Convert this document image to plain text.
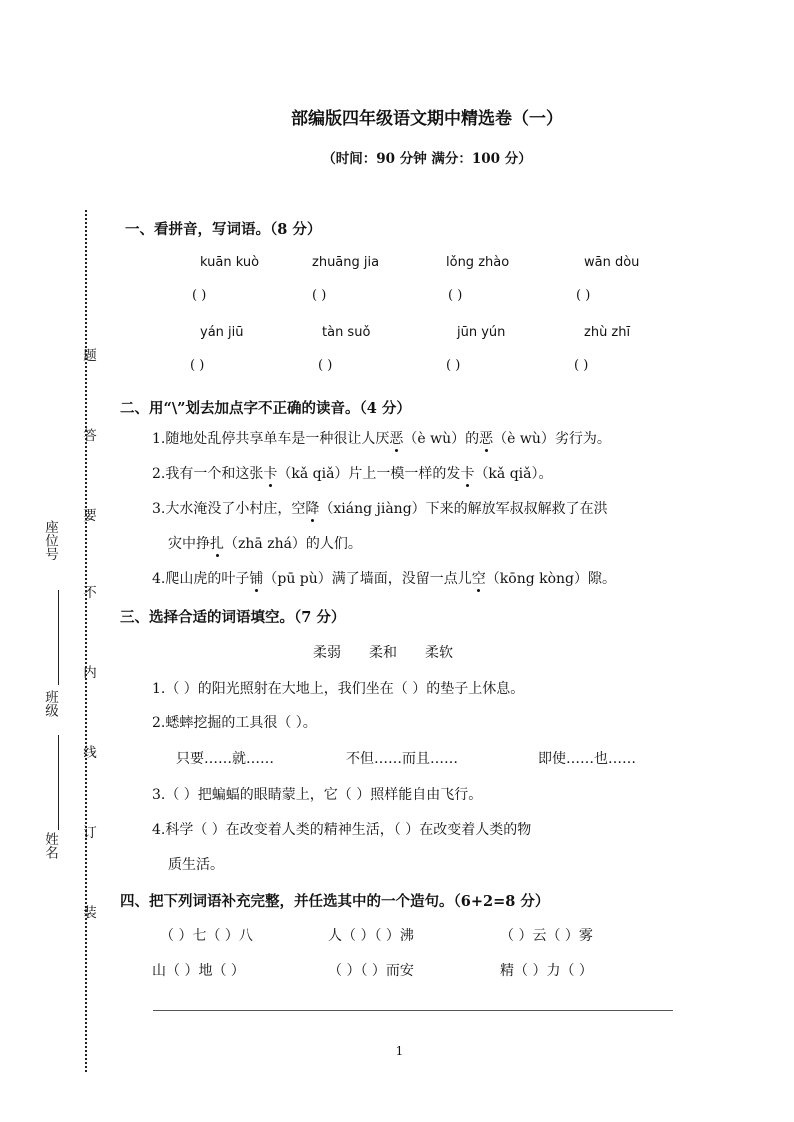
部编版四年级语文期中精选卷（一）
（时间：90 分钟 满分：100 分）
装
订
线
内
不
要
答
题
姓名
班级
座位号
一、看拼音，写词语。（8 分）
kuān kuò	zhuāng jia	lǒng zhào	wān dòu
( )	( )	( )	( )
yán jiū	tàn suǒ	jūn yún	zhù zhī
( )	( )	( )	( )
二、用“\”划去加点字不正确的读音。（4 分）
1.随地处乱停共享单车是一种很让人厌恶（è wù）的恶（è wù）劣行为。
2.我有一个和这张卡（kǎ qiǎ）片上一模一样的发卡（kǎ qiǎ）。
3.大水淹没了小村庄，空降（xiáng jiàng）下来的解放军叔叔解救了在洪
灾中挣扎（zhā zhá）的人们。
4.爬山虎的叶子铺（pū pù）满了墙面，没留一点儿空（kōng kòng）隙。
三、选择合适的词语填空。（7 分）
柔弱 柔和 柔软
1.（ ）的阳光照射在大地上，我们坐在（ ）的垫子上休息。
2.蟋蟀挖掘的工具很（ ）。
只要……就……	不但……而且……	即使……也……
3.（ ）把蝙蝠的眼睛蒙上，它（ ）照样能自由飞行。
4.科学（ ）在改变着人类的精神生活，（ ）在改变着人类的物
质生活。
四、把下列词语补充完整，并任选其中的一个造句。（6+2=8 分）
（ ）七（ ）八	人（ ）（ ）沸	（ ）云（ ）雾
山（ ）地（ ）	（ ）（ ）而安	精（ ）力（ ）
1
